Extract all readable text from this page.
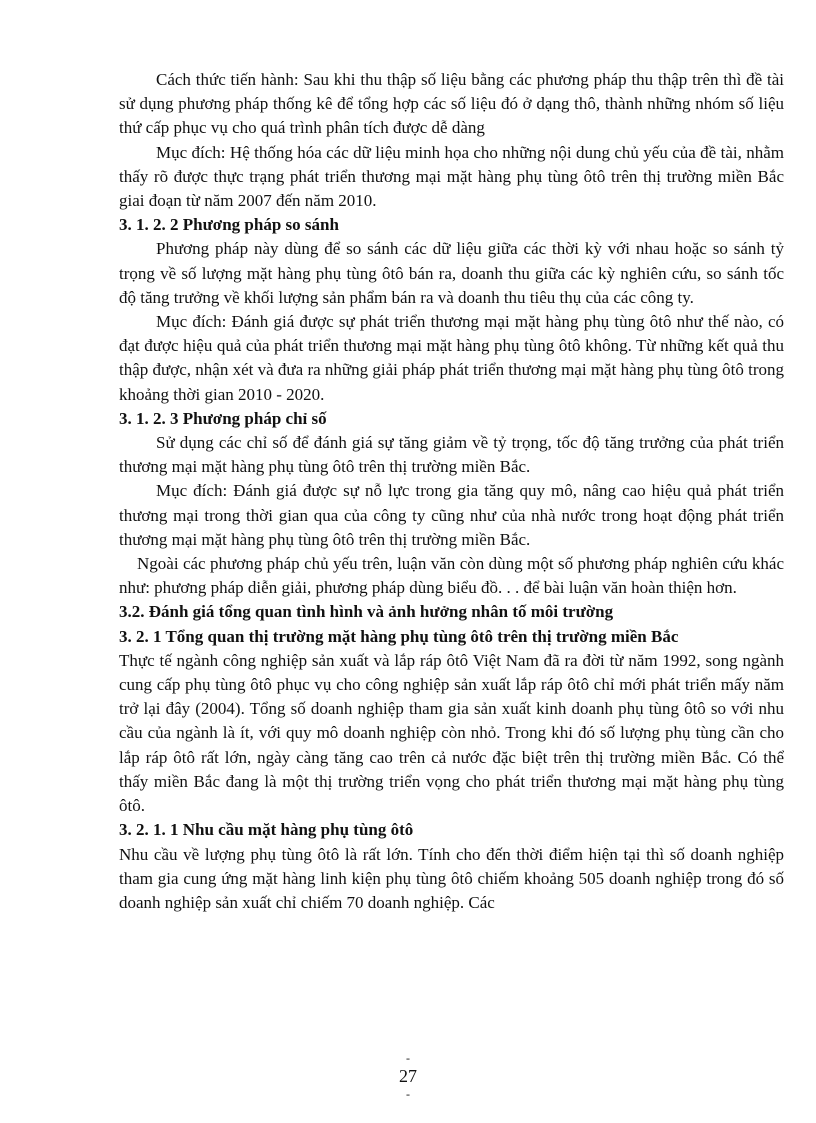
Cách thức tiến hành: Sau khi thu thập số liệu bằng các phương pháp thu thập trên thì đề tài sử dụng phương pháp thống kê để tổng hợp các số liệu đó ở dạng thô, thành những nhóm số liệu thứ cấp phục vụ cho quá trình phân tích được dễ dàng

Mục đích: Hệ thống hóa các dữ liệu minh họa cho những nội dung chủ yếu của đề tài, nhằm thấy rõ được thực trạng phát triển thương mại mặt hàng phụ tùng ôtô trên thị trường miền Bắc giai đoạn từ năm 2007 đến năm 2010.

3. 1. 2. 2 Phương pháp so sánh

Phương pháp này dùng để so sánh các dữ liệu giữa các thời kỳ với nhau hoặc so sánh tỷ trọng về số lượng mặt hàng phụ tùng ôtô bán ra, doanh thu giữa các kỳ nghiên cứu, so sánh tốc độ tăng trưởng về khối lượng sản phẩm bán ra và doanh thu tiêu thụ của các công ty.

Mục đích: Đánh giá được sự phát triển thương mại mặt hàng phụ tùng ôtô như thế nào, có đạt được hiệu quả của phát triển thương mại mặt hàng phụ tùng ôtô không. Từ những kết quả thu thập được, nhận xét và đưa ra những giải pháp phát triển thương mại mặt hàng phụ tùng ôtô trong khoảng thời gian 2010 - 2020.

3. 1. 2. 3 Phương pháp chỉ số

Sử dụng các chỉ số để đánh giá sự tăng giảm về tỷ trọng, tốc độ tăng trưởng của phát triển thương mại mặt hàng phụ tùng ôtô trên thị trường miền Bắc.

Mục đích: Đánh giá được sự nỗ lực trong gia tăng quy mô, nâng cao hiệu quả phát triển thương mại trong thời gian qua của công ty cũng như của nhà nước trong hoạt động phát triển thương mại mặt hàng phụ tùng ôtô trên thị trường miền Bắc.

Ngoài các phương pháp chủ yếu trên, luận văn còn dùng một số phương pháp nghiên cứu khác như: phương pháp diễn giải, phương pháp dùng biểu đồ. . . để bài luận văn hoàn thiện hơn.

3.2. Đánh giá tổng quan tình hình và ảnh hưởng nhân tố môi trường

3. 2. 1 Tổng quan thị trường mặt hàng phụ tùng ôtô trên thị trường miền Bắc

Thực tế ngành công nghiệp sản xuất và lắp ráp ôtô Việt Nam đã ra đời từ năm 1992, song ngành cung cấp phụ tùng ôtô phục vụ cho công nghiệp sản xuất lắp ráp ôtô chỉ mới phát triển mấy năm trở lại đây (2004). Tổng số doanh nghiệp tham gia sản xuất kinh doanh phụ tùng ôtô so với nhu cầu của ngành là ít, với quy mô doanh nghiệp còn nhỏ. Trong khi đó số lượng phụ tùng cần cho lắp ráp ôtô rất lớn, ngày càng tăng cao trên cả nước đặc biệt trên thị trường miền Bắc. Có thể thấy miền Bắc đang là một thị trường triển vọng cho phát triển thương mại mặt hàng phụ tùng ôtô.

3. 2. 1. 1 Nhu cầu mặt hàng phụ tùng ôtô

Nhu cầu về lượng phụ tùng ôtô là rất lớn. Tính cho đến thời điểm hiện tại thì số doanh nghiệp tham gia cung ứng mặt hàng linh kiện phụ tùng ôtô chiếm khoảng 505 doanh nghiệp trong đó số doanh nghiệp sản xuất chỉ chiếm 70 doanh nghiệp. Các

-
27
-
